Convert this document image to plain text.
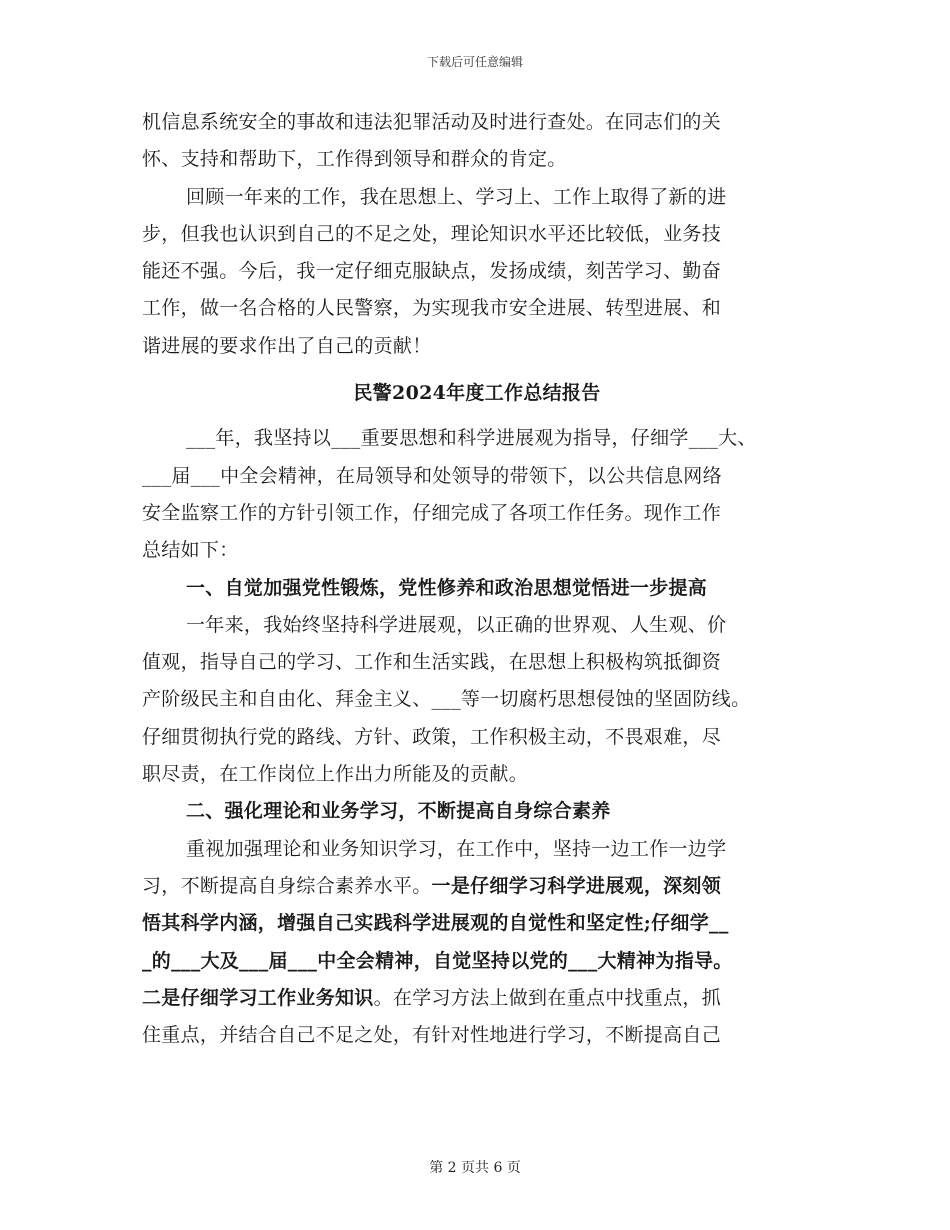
下载后可任意编辑
机信息系统安全的事故和违法犯罪活动及时进行查处。在同志们的关
怀、支持和帮助下，工作得到领导和群众的肯定。
回顾一年来的工作，我在思想上、学习上、工作上取得了新的进
步，但我也认识到自己的不足之处，理论知识水平还比较低，业务技
能还不强。今后，我一定仔细克服缺点，发扬成绩，刻苦学习、勤奋
工作，做一名合格的人民警察，为实现我市安全进展、转型进展、和
谐进展的要求作出了自己的贡献！
民警2024年度工作总结报告
___年，我坚持以___重要思想和科学进展观为指导，仔细学___大、
___届___中全会精神，在局领导和处领导的带领下，以公共信息网络
安全监察工作的方针引领工作，仔细完成了各项工作任务。现作工作
总结如下：
一、自觉加强党性锻炼，党性修养和政治思想觉悟进一步提高
一年来，我始终坚持科学进展观，以正确的世界观、人生观、价
值观，指导自己的学习、工作和生活实践，在思想上积极构筑抵御资
产阶级民主和自由化、拜金主义、___等一切腐朽思想侵蚀的坚固防线。
仔细贯彻执行党的路线、方针、政策，工作积极主动，不畏艰难，尽
职尽责，在工作岗位上作出力所能及的贡献。
二、强化理论和业务学习，不断提高自身综合素养
重视加强理论和业务知识学习，在工作中，坚持一边工作一边学
习，不断提高自身综合素养水平。一是仔细学习科学进展观，深刻领
悟其科学内涵，增强自己实践科学进展观的自觉性和坚定性;仔细学__
_的___大及___届___中全会精神，自觉坚持以党的___大精神为指导。
二是仔细学习工作业务知识。在学习方法上做到在重点中找重点，抓
住重点，并结合自己不足之处，有针对性地进行学习，不断提高自己
第 2 页共 6 页
